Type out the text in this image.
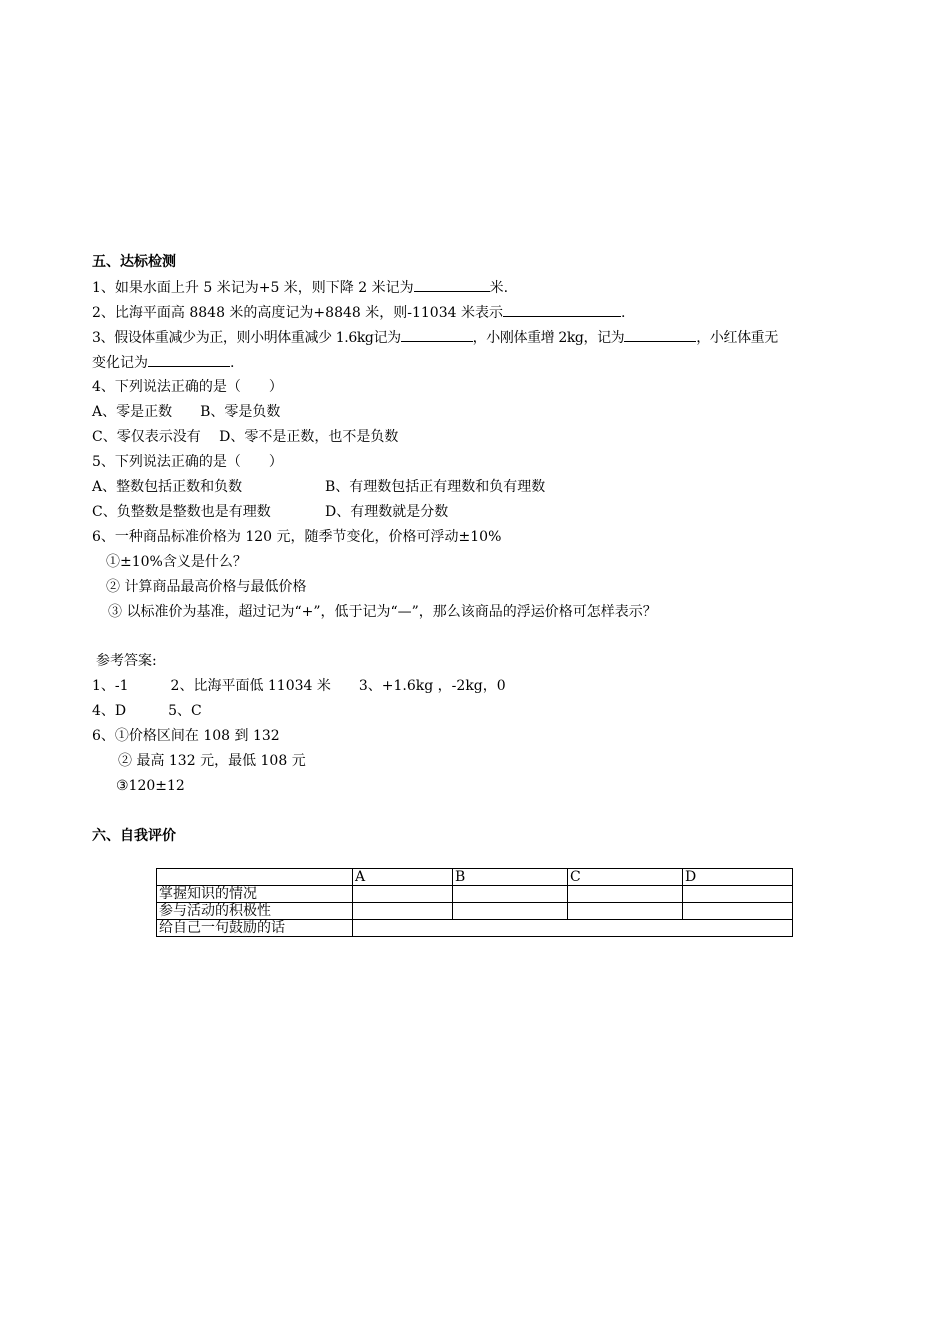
五、达标检测
1、如果水面上升 5 米记为+5 米，则下降 2 米记为	米.
2、比海平面高 8848 米的高度记为+8848 米，则-11034 米表示	.
3、假设体重减少为正，则小明体重减少 1.6kg记为	，小刚体重增 2kg，记为	，小红体重无
变化记为	.
4、下列说法正确的是（　　）
A、零是正数　　B、零是负数
C、零仅表示没有　 D、零不是正数，也不是负数
5、下列说法正确的是（　　）
A、整数包括正数和负数	B、有理数包括正有理数和负有理数
C、负整数是整数也是有理数	D、有理数就是分数
6、一种商品标准价格为 120 元，随季节变化，价格可浮动±10%
①±10%含义是什么？
② 计算商品最高价格与最低价格
③ 以标准价为基准，超过记为“+”，低于记为“—”，那么该商品的浮运价格可怎样表示？
参考答案:
1、-1　　　2、比海平面低 11034 米　　3、+1.6kg ，-2kg，0
4、D　　　5、C
6、①价格区间在 108 到 132
② 最高 132 元，最低 108 元
③120±12
六、自我评价
	A	B	C	D
掌握知识的情况				
参与活动的积极性				
给自己一句鼓励的话				
